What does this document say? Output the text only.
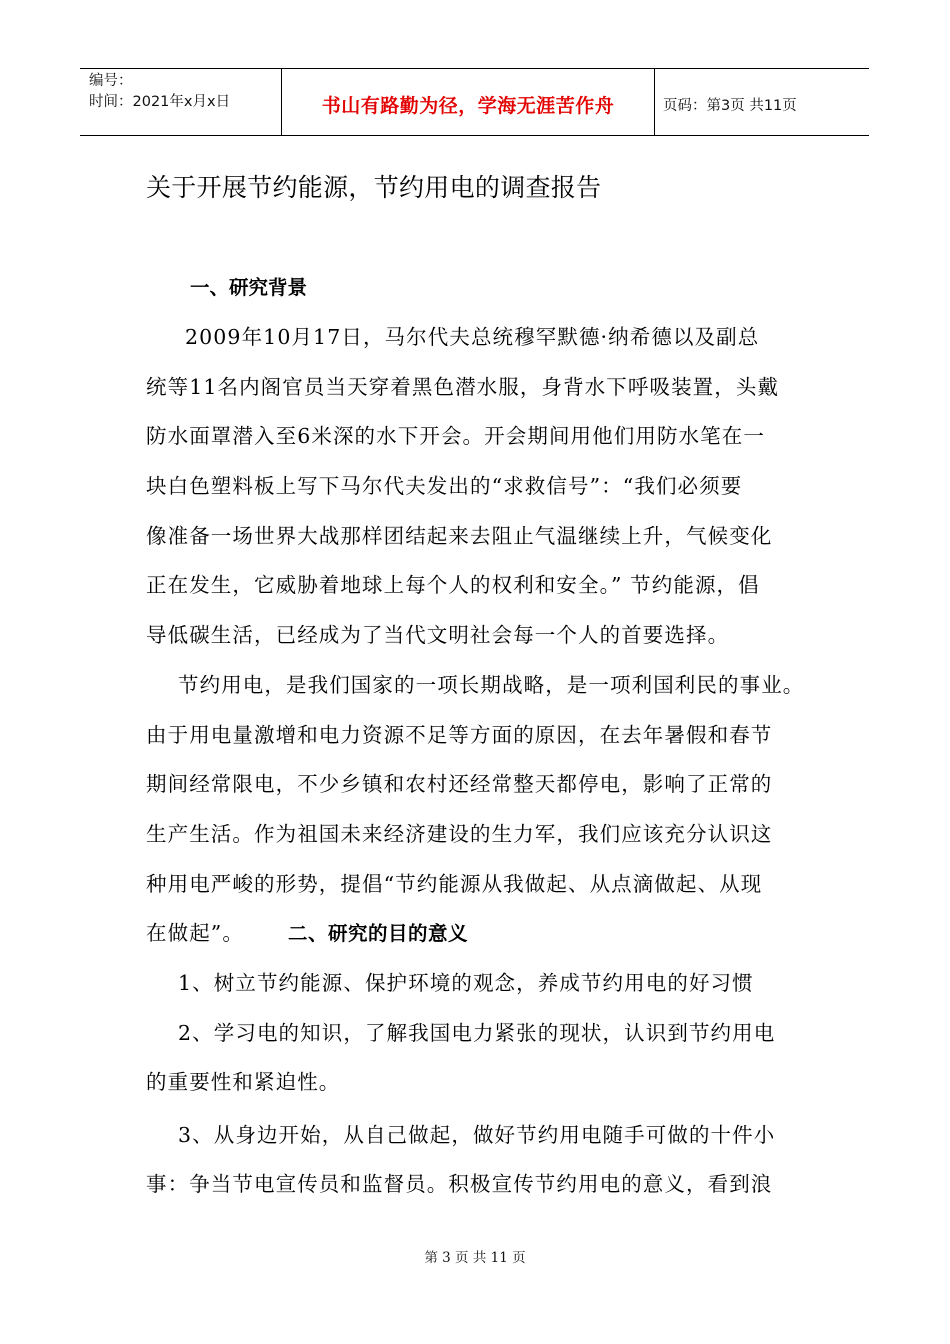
编号：
时间：2021年x月x日	书山有路勤为径，学海无涯苦作舟	页码：第3页 共11页
关于开展节约能源，节约用电的调查报告
一、研究背景
2009年10月17日，马尔代夫总统穆罕默德·纳希德以及副总
统等11名内阁官员当天穿着黑色潜水服，身背水下呼吸装置，头戴
防水面罩潜入至6米深的水下开会。开会期间用他们用防水笔在一
块白色塑料板上写下马尔代夫发出的“求救信号”：“我们必须要
像准备一场世界大战那样团结起来去阻止气温继续上升，气候变化
正在发生，它威胁着地球上每个人的权利和安全。” 节约能源，倡
导低碳生活，已经成为了当代文明社会每一个人的首要选择。
节约用电，是我们国家的一项长期战略，是一项利国利民的事业。
由于用电量激增和电力资源不足等方面的原因，在去年暑假和春节
期间经常限电，不少乡镇和农村还经常整天都停电，影响了正常的
生产生活。作为祖国未来经济建设的生力军，我们应该充分认识这
种用电严峻的形势，提倡“节约能源从我做起、从点滴做起、从现
在做起”。 二、研究的目的意义
1、树立节约能源、保护环境的观念，养成节约用电的好习惯
2、学习电的知识，了解我国电力紧张的现状，认识到节约用电
的重要性和紧迫性。
3、从身边开始，从自己做起，做好节约用电随手可做的十件小
事：争当节电宣传员和监督员。积极宣传节约用电的意义，看到浪
第 3 页 共 11 页
